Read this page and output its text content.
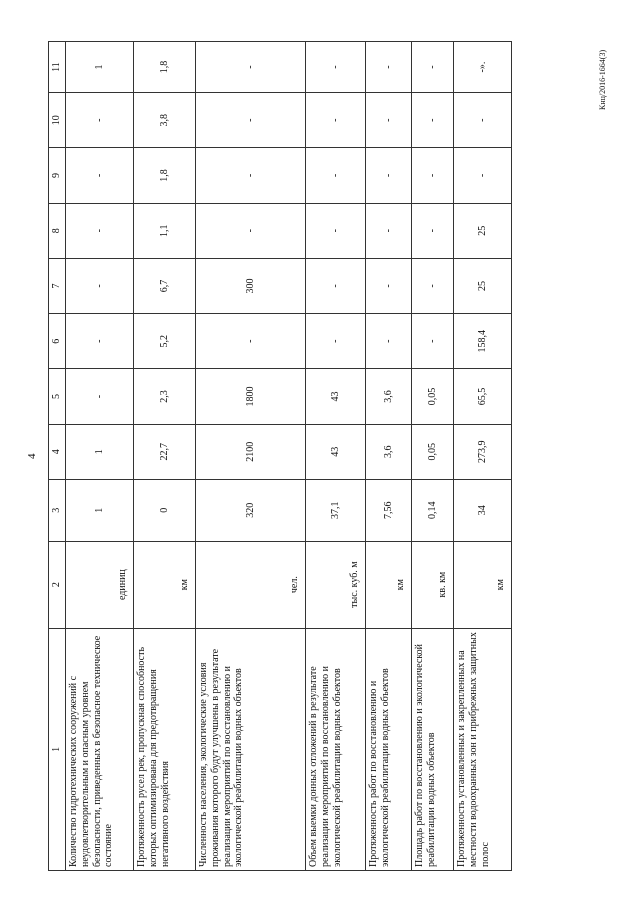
4
1	2	3	4	5	6	7	8	9	10	11
Количество гидротехнических сооружений с неудовлетворительным и опасным уровнем безопасности, приведенных в безопасное техническое состояние	единиц	1	1	-	-	-	-	-	-	1
Протяженность русел рек, пропускная способность которых оптимизирована для предотвращения негативного воздействия	км	0	22,7	2,3	5,2	6,7	1,1	1,8	3,8	1,8
Численность населения, экологические условия проживания которого будут улучшены в результате реализации мероприятий по восстановлению и экологической реабилитации водных объектов	чел.	320	2100	1800	-	300	-	-	-	-
Объем выемки донных отложений в результате реализации мероприятий по восстановлению и экологической реабилитации водных объектов	тыс. куб. м	37,1	43	43	-	-	-	-	-	-
Протяженность работ по восстановлению и экологической реабилитации водных объектов	км	7,56	3,6	3,6	-	-	-	-	-	-
Площадь работ по восстановлению и экологической реабилитации водных объектов	кв. км	0,14	0,05	0,05	-	-	-	-	-	-
Протяженность установленных и закрепленных на местности водоохранных зон и прибрежных защитных полос	км	34	273,9	65,5	158,4	25	25	-	-	-».	Кнц/2016-1664(3)
